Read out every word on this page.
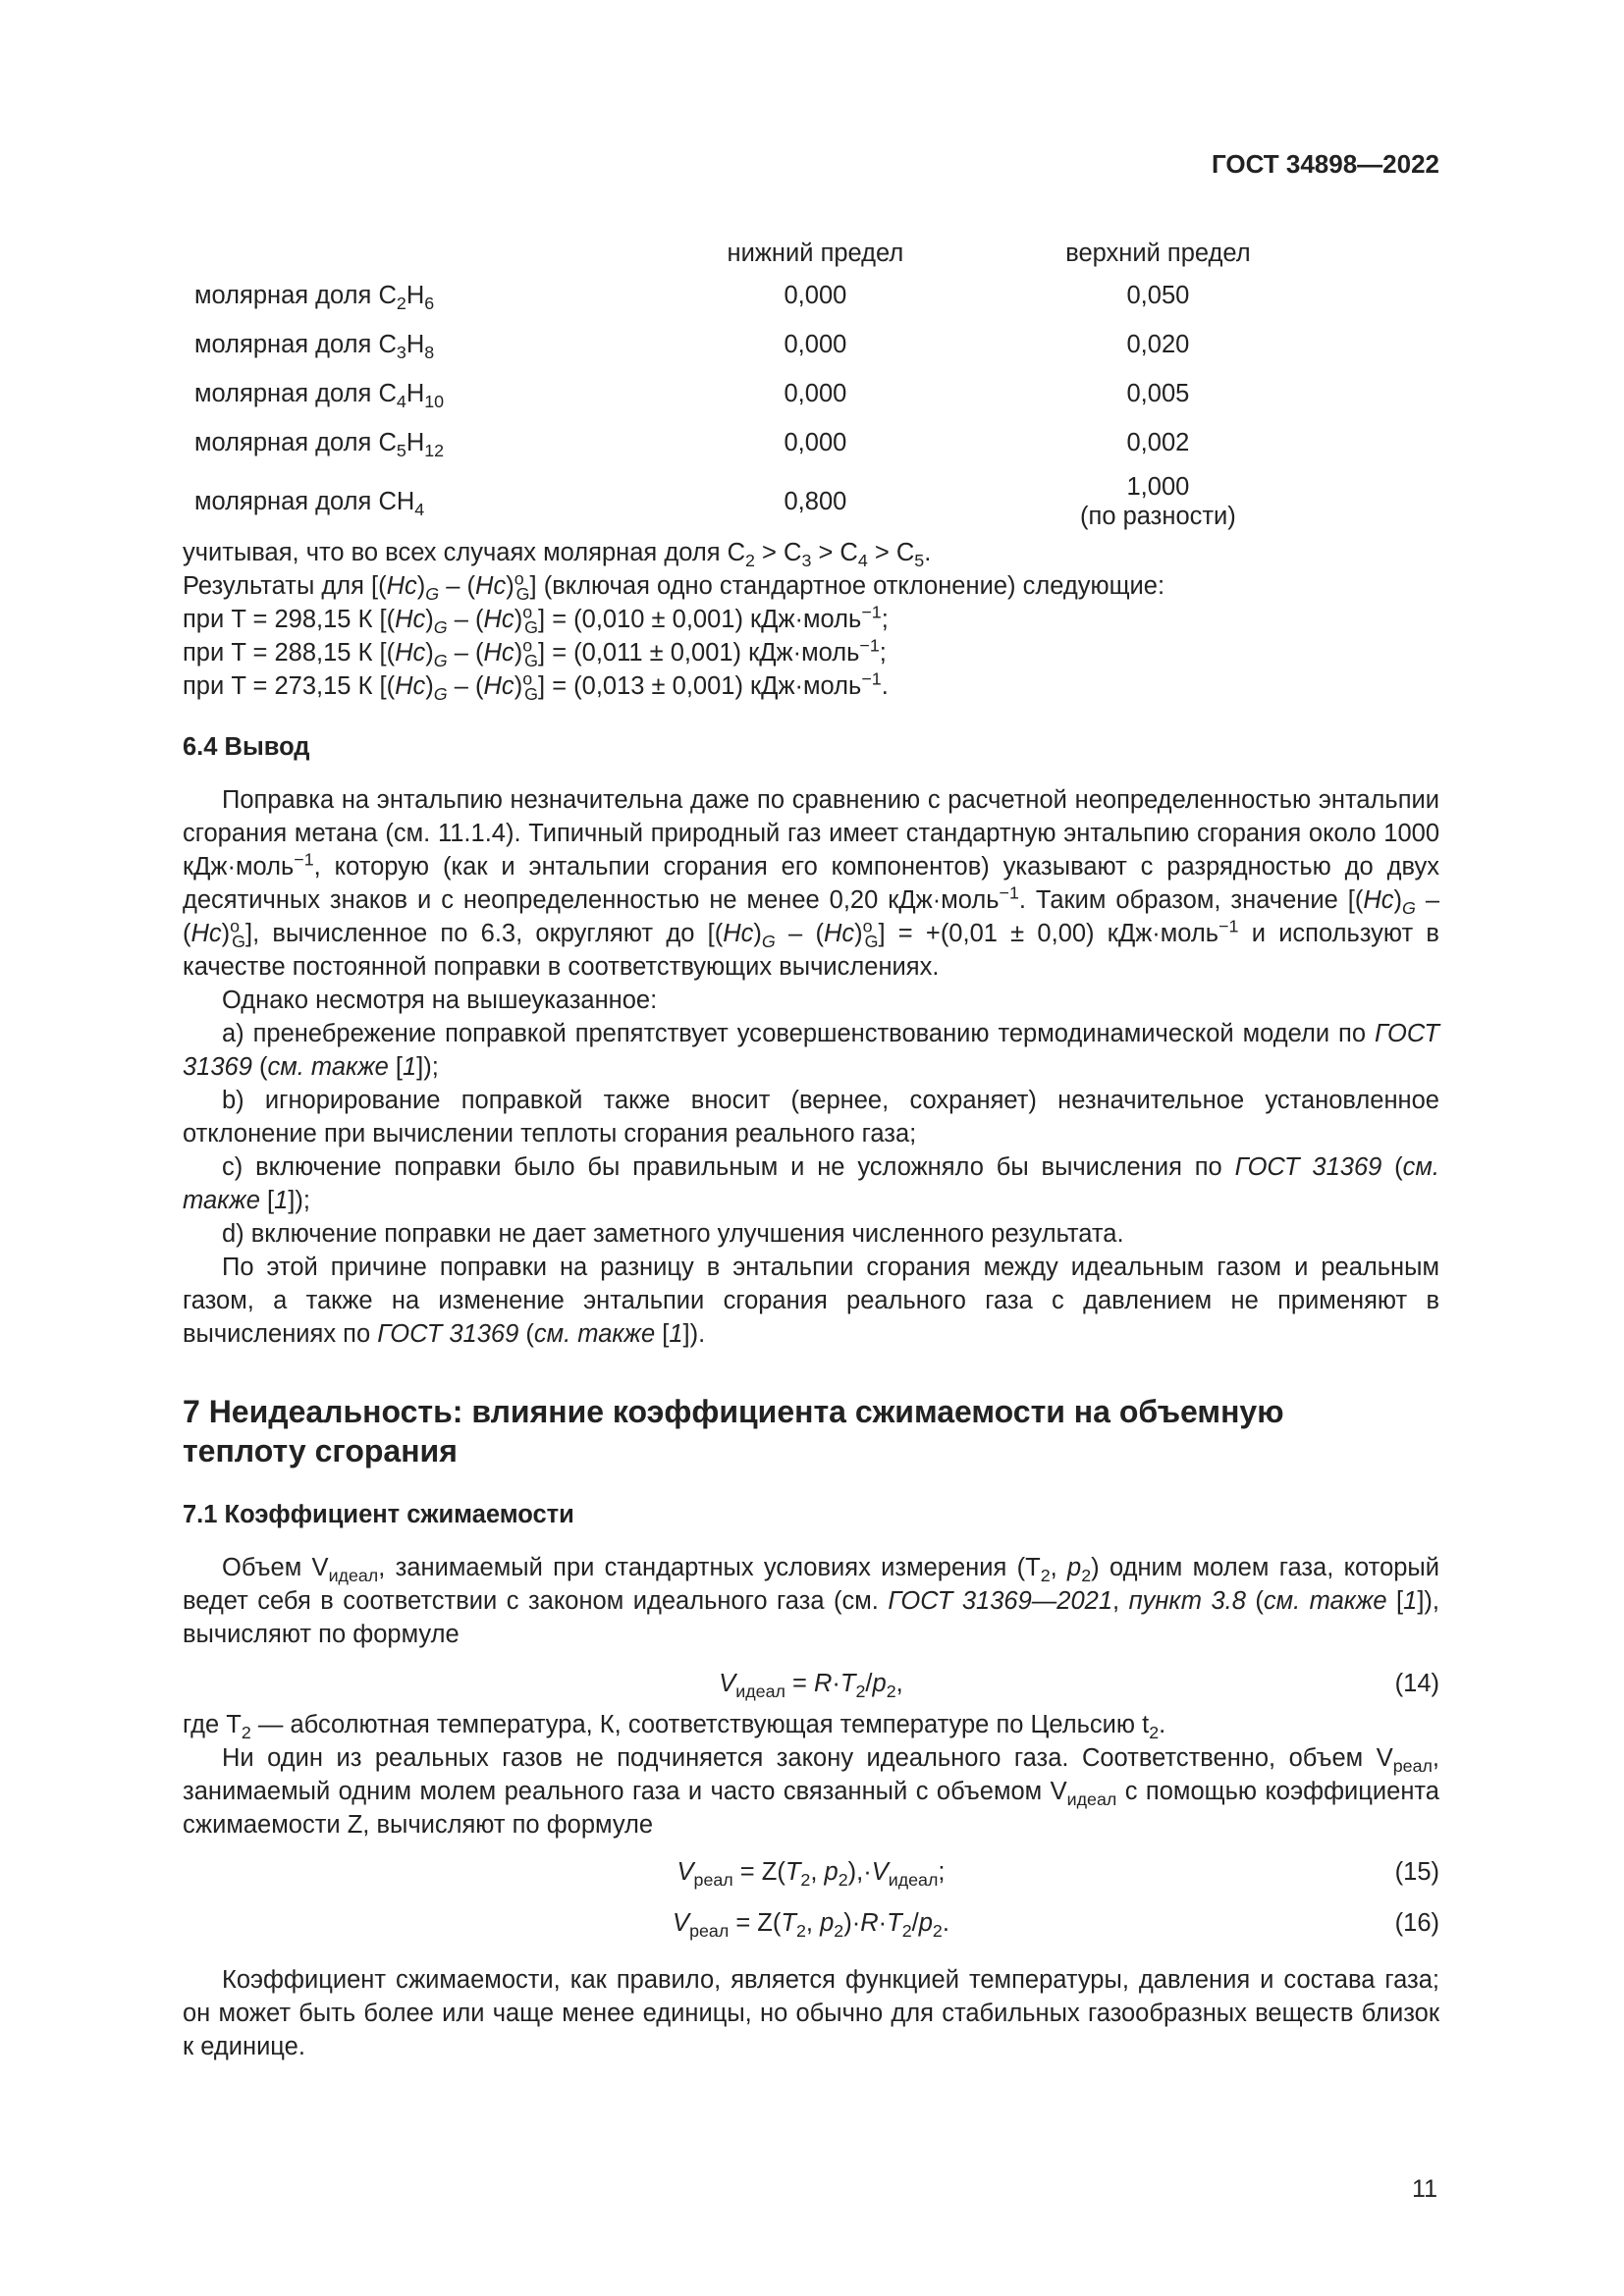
ГОСТ 34898—2022
	нижний предел	верхний предел
молярная доля $C_2H_6$	0,000	0,050
молярная доля $C_3H_8$	0,000	0,020
молярная доля $C_4H_{10}$	0,000	0,005
молярная доля $C_5H_{12}$	0,000	0,002
молярная доля $CH_4$	0,800	1,000
(по разности)

учитывая, что во всех случаях молярная доля $C_2 > C_3 > C_4 > C_5$.

Результаты для $[(Hc)_G - (Hc)^o_G]$ (включая одно стандартное отклонение) следующие:

при T = 298,15 К $[(Hc)_G - (Hc)^o_G] = (0,010 \pm 0,001)$ кДж·моль$^{-1}$;

при T = 288,15 К $[(Hc)_G - (Hc)^o_G] = (0,011 \pm 0,001)$ кДж·моль$^{-1}$;

при T = 273,15 К $[(Hc)_G - (Hc)^o_G] = (0,013 \pm 0,001)$ кДж·моль$^{-1}$.

6.4 Вывод

Поправка на энтальпию незначительна даже по сравнению с расчетной неопределенностью энтальпии сгорания метана (см. 11.1.4). Типичный природный газ имеет стандартную энтальпию сгорания около 1000 кДж·моль$^{-1}$, которую (как и энтальпии сгорания его компонентов) указывают с разрядностью до двух десятичных знаков и с неопределенностью не менее 0,20 кДж·моль$^{-1}$. Таким образом, значение $[(Hc)_G - (Hc)^o_G]$, вычисленное по 6.3, округляют до $[(Hc)_G - (Hc)^o_G] = +(0,01 \pm 0,00)$ кДж·моль$^{-1}$ и используют в качестве постоянной поправки в соответствующих вычислениях.

Однако несмотря на вышеуказанное:

a) пренебрежение поправкой препятствует усовершенствованию термодинамической модели по ГОСТ 31369 (см. также [1]);

b) игнорирование поправкой также вносит (вернее, сохраняет) незначительное установленное отклонение при вычислении теплоты сгорания реального газа;

c) включение поправки было бы правильным и не усложняло бы вычисления по ГОСТ 31369 (см. также [1]);

d) включение поправки не дает заметного улучшения численного результата.

По этой причине поправки на разницу в энтальпии сгорания между идеальным газом и реальным газом, а также на изменение энтальпии сгорания реального газа с давлением не применяют в вычислениях по ГОСТ 31369 (см. также [1]).

7 Неидеальность: влияние коэффициента сжимаемости на объемную
теплоту сгорания

7.1 Коэффициент сжимаемости

Объем $V_{идеал}$, занимаемый при стандартных условиях измерения ($T_2$, $p_2$) одним молем газа, который ведет себя в соответствии с законом идеального газа (см. ГОСТ 31369—2021, пункт 3.8 (см. также [1]), вычисляют по формуле

$V_{идеал} = R\cdot T_2/p_2$,	(14)

где $T_2$ — абсолютная температура, К, соответствующая температуре по Цельсию $t_2$.

Ни один из реальных газов не подчиняется закону идеального газа. Соответственно, объем $V_{реал}$, занимаемый одним молем реального газа и часто связанный с объемом $V_{идеал}$ с помощью коэффициента сжимаемости Z, вычисляют по формуле

$V_{реал} = Z(T_2$, $p_2),\cdot V_{идеал}$;	(15)
$V_{реал} = Z(T_2$, $p_2)\cdot R\cdot T_2/p_2$.	(16)

Коэффициент сжимаемости, как правило, является функцией температуры, давления и состава газа; он может быть более или чаще менее единицы, но обычно для стабильных газообразных веществ близок к единице.

11
